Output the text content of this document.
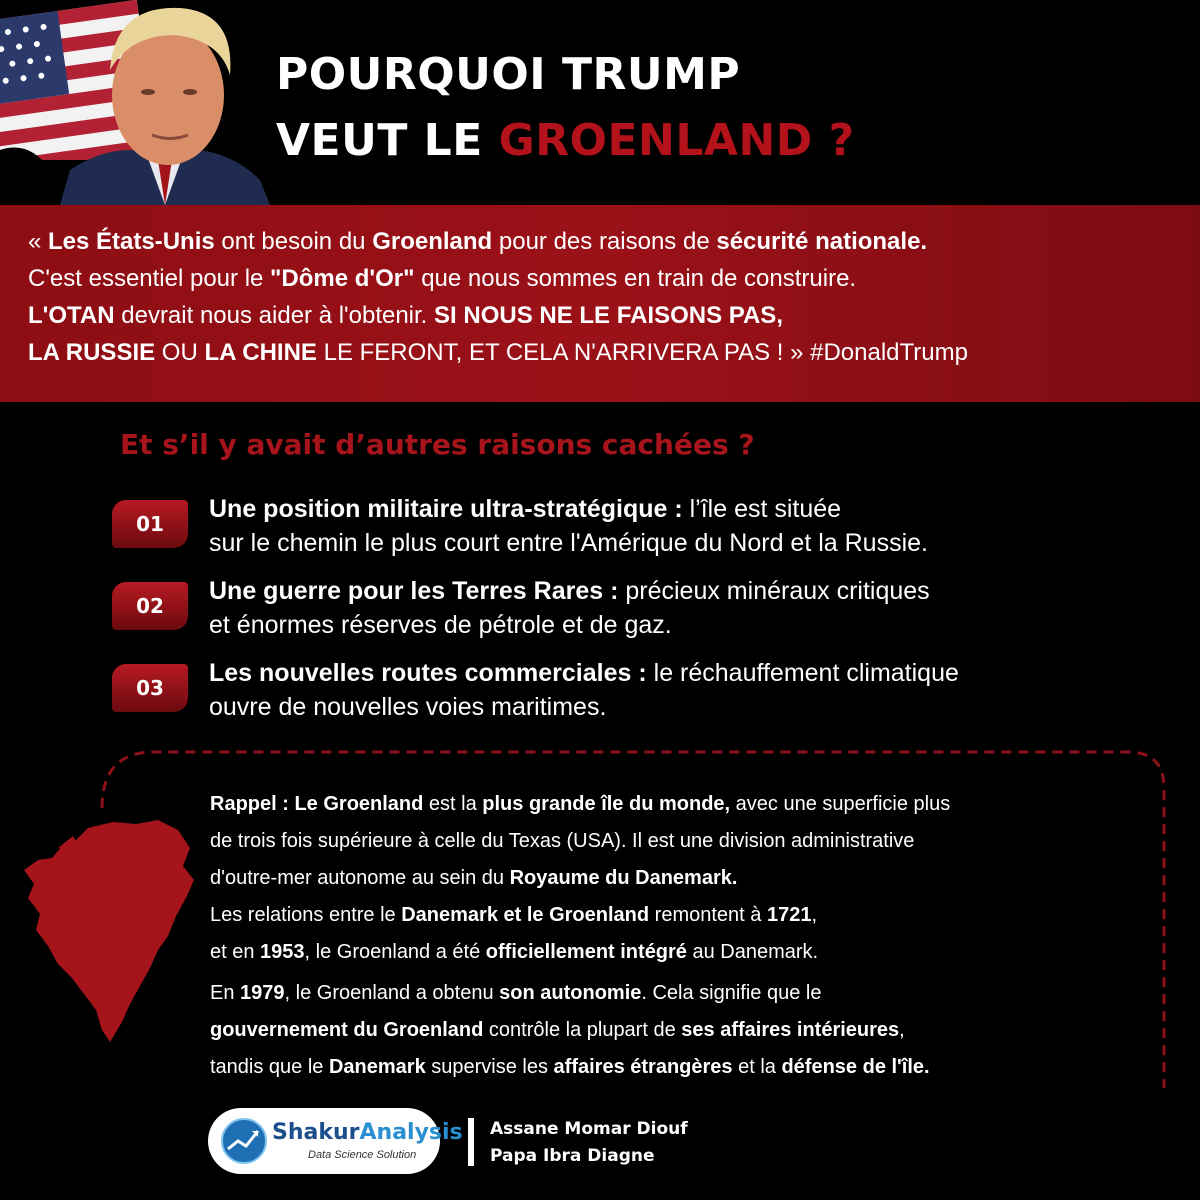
POURQUOI TRUMP
VEUT LE GROENLAND ?

« Les États-Unis ont besoin du Groenland pour des raisons de sécurité nationale.

C'est essentiel pour le "Dôme d'Or" que nous sommes en train de construire.

L'OTAN devrait nous aider à l'obtenir. SI NOUS NE LE FAISONS PAS,

LA RUSSIE OU LA CHINE LE FERONT, ET CELA N'ARRIVERA PAS ! » #DonaldTrump

Et s’il y avait d’autres raisons cachées ?
01
Une position militaire ultra-stratégique : l’île est située
sur le chemin le plus court entre l'Amérique du Nord et la Russie.
02
Une guerre pour les Terres Rares : précieux minéraux critiques
et énormes réserves de pétrole et de gaz.
03
Les nouvelles routes commerciales : le réchauffement climatique
ouvre de nouvelles voies maritimes.

Rappel : Le Groenland est la plus grande île du monde, avec une superficie plus

de trois fois supérieure à celle du Texas (USA). Il est une division administrative

d'outre-mer autonome au sein du Royaume du Danemark.

Les relations entre le Danemark et le Groenland remontent à 1721,

et en 1953, le Groenland a été officiellement intégré au Danemark.

En 1979, le Groenland a obtenu son autonomie. Cela signifie que le

gouvernement du Groenland contrôle la plupart de ses affaires intérieures,

tandis que le Danemark supervise les affaires étrangères et la défense de l'île.

ShakurAnalysis
Data Science Solution
Assane Momar Diouf
Papa Ibra Diagne
